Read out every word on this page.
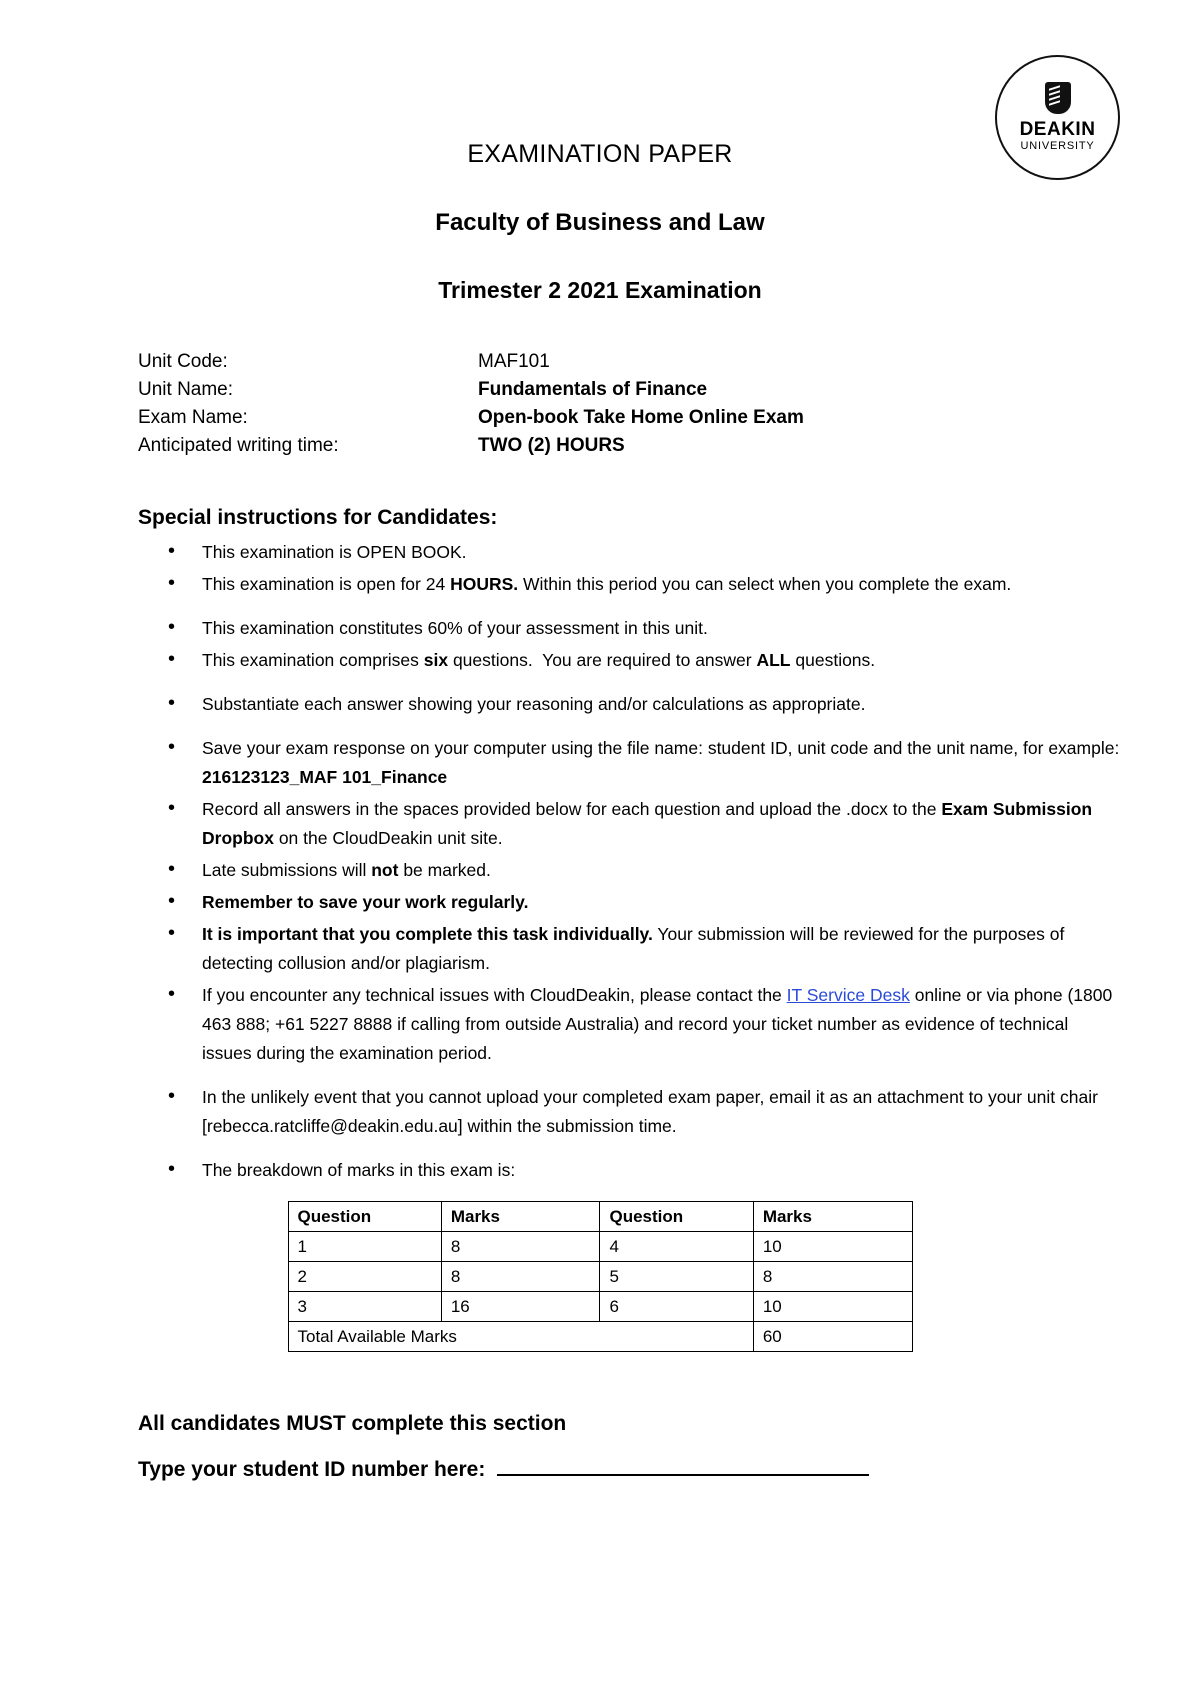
DEAKIN
UNIVERSITY
EXAMINATION PAPER
Faculty of Business and Law
Trimester 2 2021 Examination
Unit Code:	MAF101
Unit Name:	Fundamentals of Finance
Exam Name:	Open-book Take Home Online Exam
Anticipated writing time:	TWO (2) HOURS
Special instructions for Candidates:
• This examination is OPEN BOOK.
• This examination is open for 24 HOURS. Within this period you can select when you complete the exam.
• This examination constitutes 60% of your assessment in this unit.
• This examination comprises six questions.  You are required to answer ALL questions.
• Substantiate each answer showing your reasoning and/or calculations as appropriate.
• Save your exam response on your computer using the file name: student ID, unit code and the unit name, for example: 216123123_MAF 101_Finance
• Record all answers in the spaces provided below for each question and upload the .docx to the Exam Submission Dropbox on the CloudDeakin unit site.
• Late submissions will not be marked.
• Remember to save your work regularly.
• It is important that you complete this task individually. Your submission will be reviewed for the purposes of detecting collusion and/or plagiarism.
• If you encounter any technical issues with CloudDeakin, please contact the IT Service Desk online or via phone (1800 463 888; +61 5227 8888 if calling from outside Australia) and record your ticket number as evidence of technical issues during the examination period.
• In the unlikely event that you cannot upload your completed exam paper, email it as an attachment to your unit chair [rebecca.ratcliffe@deakin.edu.au] within the submission time.
• The breakdown of marks in this exam is:
Question	Marks	Question	Marks
1	8	4	10
2	8	5	8
3	16	6	10
Total Available Marks			60
All candidates MUST complete this section
Type your student ID number here:
